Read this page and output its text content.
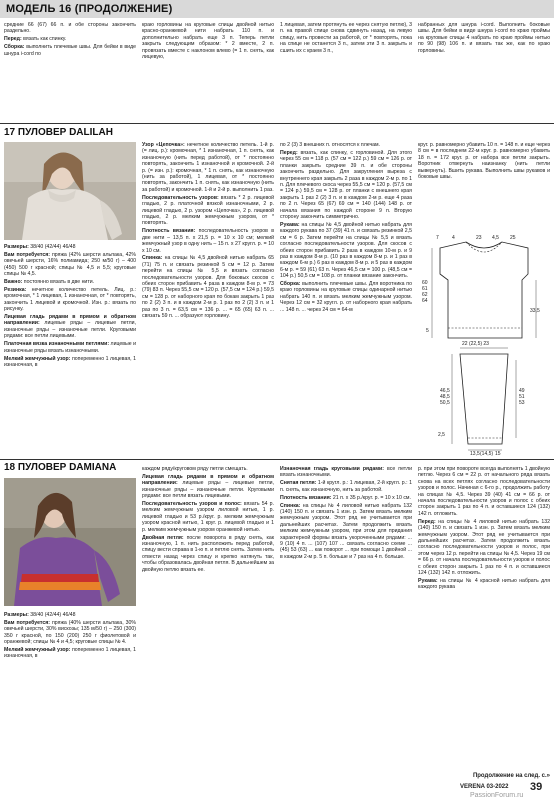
МОДЕЛЬ 16 (ПРОДОЛЖЕНИЕ)

средние 66 (67) 66 п. и обе стороны закончить раздельно.

Перед: вязать как спинку.

Сборка: выполнить плечевые швы. Для бейки в виде шнура i-cord по

краю горловины на круговые спицы двойной нитью красно-оранжевой нити набрать 110 п. и дополнительно набрать еще 3 п. Теперь петли закрыть следующим образом: * 2 вместе, 2 п. провязать вместе с наклоном влево (= 1 п. снять, как лицевую,

1 лицевая, затем протянуть ее через снятую петлю), 3 п. на правой спице снова сдвинуть назад, на левую спицу, нить провести за работой, от * повторять, пока на спице не останется 3 п., затем эти 3 п. закрыть и сшить их с краем 3 п.,

набранных для шнура i-cord. Выполнить боковые швы. Для бейки в виде шнура i-cord по краю проймы на круговые спицы 4 набрать по краю проймы нитью по 90 (98) 106 п. и вязать так же, как по краю горловины.

17 ПУЛОВЕР DALILAH

Размеры: 38/40 (42/44) 46/48

Вам потребуется: пряжа (42% шерсти альпака, 42% овечьей шерсти, 16% полиамида; 250 м/50 г) – 400 (450) 500 г красной; спицы № 4,5 и 5,5; круговые спицы № 4,5.

Важно: постоянно вязать в две нити.

Резинка: нечетное количество петель. Лиц. р.: кромочная, * 1 лицевая, 1 изнаночная, от * повторять, закончить 1 лицевой и кромочной. Изн. р.: вязать по рисунку.

Лицевая гладь рядами в прямом и обратном направлении: лицевые ряды – лицевые петли, изнаночные ряды – изнаночные петли. Круговыми рядами: все петли лицевыми.

Платочная вязка изнаночными петлями: лицевые и изнаночные ряды вязать изнаночными.

Мелкий жемчужный узор: попеременно 1 лицевая, 1 изнаночная, в

Узор «Цепочка»: нечетное количество петель. 1-й р. (= лиц. р.): кромочная, * 1 изнаночная, 1 п. снять, как изнаночную (нить перед работой), от * постоянно повторять, закончить 1 изнаночной и кромочной. 2-й р. (= изн. р.): кромочная, * 1 п. снять, как изнаночную (нить за работой), 1 лицевая, от * постоянно повторять, закончить 1 п. снять, как изнаночную (нить за работой) и кромочной. 1-й и 2-й р. выполнить 1 раз.

Последовательность узоров: вязать * 2 р. лицевой гладью, 2 р. платочной вязкой изнаночными, 2 р. лицевой гладью, 2 р. узором «Цепочка», 2 р. лицевой гладью, 2 р. мелким жемчужным узором, от * повторять.

Плотность вязания: последовательность узоров в две нити – 13,5 п. x 21,5 р. = 10 x 10 см; мелкий жемчужный узор в одну нить – 15 п. x 27 кругл. р. = 10 x 10 см.

Спинка: на спицы № 4,5 двойной нитью набрать 65 (71) 75 п. и связать резинкой 5 см = 12 р. Затем перейти на спицы № 5,5 и вязать согласно последовательности узоров. Для боковых скосов с обеих сторон прибавить 4 раза в каждом 8-м р. = 73 (79) 83 п. Через 55,5 см = 120 р. (57,5 см = 124 р.) 59,5 см = 128 р. от наборного края по бокам закрыть 1 раз по 2 (2) 3 п. и в каждом 2-м р. 1 раз по 2 (2) 3 п. и 1 раз по 3 п. = 63,5 см = 136 р. ... = 65 (65) 63 п. ... связать 59 п. ... образуют горловину.

по 2 (3) 3 внешних п. относятся к плечам.

Перед: вязать, как спинку, с горловиной. Для этого через 55 см = 118 р. (57 см = 122 р.) 59 см = 126 р. от планки закрыть средние 39 п. и обе стороны закончить раздельно. Для закругления выреза с внутреннего края закрыть 2 раза в каждом 2-м р. по 1 п. Для плечевого скоса через 55,5 см = 120 р. (57,5 см = 124 р.) 59,5 см = 128 р. от планки с внешнего края закрыть 1 раз 2 (2) 3 п. и в каждом 2-м р. еще 4 раза по 2 п. Через 65 (67) 69 см = 140 (144) 148 р. от начала вязания по каждой стороне 9 п. Вторую сторону закончить симметрично.

Рукава: на спицы № 4,5 двойной нитью набрать для каждого рукава по 37 (39) 41 п. и связать резинкой 2,5 см = 6 р. Затем перейти на спицы № 5,5 и вязать согласно последовательности узоров. Для скосов с обеих сторон прибавить 2 раза в каждом 10-м р. и 9 раз в каждом 8-м р. (10 раз в каждом 8-м р. и 1 раз в каждом 6-м р.) 6 раз в каждом 8-м р. и 5 раз в каждом 6-м р. = 59 (61) 63 п. Через 46,5 см = 100 р. (48,5 см = 104 р.) 50,5 см = 108 р. от планки вязание закончить.

Сборка: выполнить плечевые швы. Для воротника по краю горловины на круговые спицы одинарной нитью набрать 140 п. и вязать мелким жемчужным узором. Через 12 см = 32 кругл. р. от наборного края набрать ... 148 п. ... через 24 см = 64-м

круг. р. равномерно убавить 10 п. = 148 п. и еще через 8 см = в последнем 22-м круг. р. равномерно убавить 18 п. = 172 круг. р. от набора все петли закрыть. Воротник отвернуть наизнанку (нить петли вывернуть). Вшить рукава. Выполнить швы рукавов и боковые швы.

7	4	23 4,5 25
60
61
62
64
33,5
22 (22,5) 23
46,5
48,5
50,5
49
51
53
13,5 (14,5) 15
2,5
5
18 ПУЛОВЕР DAMIANA

Размеры: 38/40 (42/44) 46/48

Вам потребуется: пряжа (40% шерсти альпака, 30% овечьей шерсти, 30% вискозы; 135 м/50 г) – 250 (300) 350 г красной, по 150 (200) 250 г фиолетовой и оранжевой; спицы № 4 и 4,5; круговые спицы № 4.

Мелкий жемчужный узор: попеременно 1 лицевая, 1 изнаночная, в

каждом ряду/круговом ряду петли смещать.

Лицевая гладь рядами в прямом и обратном направлении: лицевые ряды – лицевые петли, изнаночные ряды – изнаночные петли. Круговыми рядами: все петли вязать лицевыми.

Последовательность узоров и полос: вязать 54 р. мелким жемчужным узором лиловой нитью, 1 р. лицевой гладью и 53 р./круг. р. мелким жемчужным узором красной нитью, 1 круг. р. лицевой гладью и 1 р. мелким жемчужным узором оранжевой нитью.

Двойная петля: после поворота в ряду снять, как изнаночную, 1 п. нить расположить перед работой, спицу вести справа в 1-ю п. и петлю снять. Затем нить отвести назад через спицу и крепко натянуть так, чтобы образовалась двойная петля. В дальнейшем за двойную петлю вязать ее.

Изнаночная гладь круговыми рядами: все петли вязать изнаночными.

Снятая петля: 1-й кругл. р.: 1 лицевая, 2-й кругл. р.: 1 п. снять, как изнаночную, нить за работой.

Плотность вязания: 21 п. x 35 р./круг. р. = 10 x 10 см.

Спинка: на спицы № 4 лиловой нитью набрать 132 (140) 150 п. и связать 1 изн. р. Затем вязать мелким жемчужным узором. Этот ряд не учитывается при дальнейших расчетах. Затем продолжить вязать мелким жемчужным узором, при этом для придания характерной формы вязать укороченными рядами: ... 9 (10) 4 п. ... (107) 107 ... связать согласно схеме ... (45) 53 (63) ... как поворот ... при помощи 1 двойной ... в каждом 2-м р. 5 п. больше и 7 раз на 4 п. больше.

р. при этом при повороте всегда выполнять 1 двойную петлю. Через 6 см = 22 р. от начального ряда вязать снова на всех петлях согласно последовательности узоров и полос. Начиная с 6-го р., продолжить работу на спицах № 4,5. Через 39 (40) 41 см = 66 р. от начала последовательности узоров и полос с обеих сторон закрыть 1 раз по 4 п. и оставшиеся 124 (132) 142 п. отложить.

Перед: на спицы № 4 лиловой нитью набрать 132 (140) 150 п. и связать 1 изн. р. Затем вязать мелким жемчужным узором. Этот ряд не учитывается при дальнейших расчетах. Затем продолжить вязать согласно последовательности узоров и полос, при этом через 12 р. перейти на спицы № 4,5. Через 19 см = 66 р. от начала последовательности узоров и полос с обеих сторон закрыть 1 раз по 4 п. и оставшиеся 124 (132) 142 п. отложить.

Рукава: на спицы № 4 красной нитью набрать для каждого рукава

Продолжение на след. с.»
VERENA 03-2022 39
PassionForum.ru
